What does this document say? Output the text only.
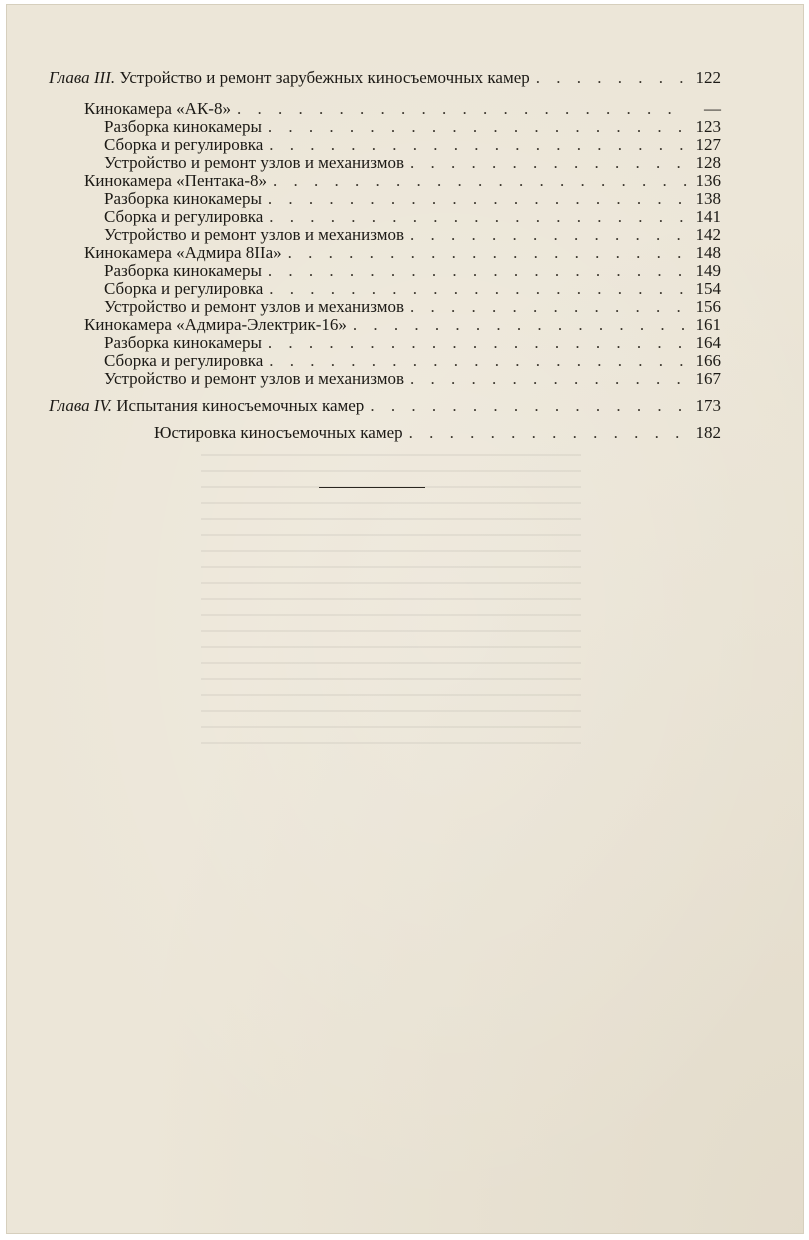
Глава III. Устройство и ремонт зарубежных киносъемочных камер . . .	122
Кинокамера «АК-8» . . .	—
Разборка кинокамеры . . .	123
Сборка и регулировка . . .	127
Устройство и ремонт узлов и механизмов . . .	128
Кинокамера «Пентака-8» . . .	136
Разборка кинокамеры . . .	138
Сборка и регулировка . . .	141
Устройство и ремонт узлов и механизмов . . .	142
Кинокамера «Адмира 8IIa» . . .	148
Разборка кинокамеры . . .	149
Сборка и регулировка . . .	154
Устройство и ремонт узлов и механизмов . . .	156
Кинокамера «Адмира-Электрик-16» . . .	161
Разборка кинокамеры . . .	164
Сборка и регулировка . . .	166
Устройство и ремонт узлов и механизмов . . .	167
Глава IV. Испытания киносъемочных камер . . .	173
Юстировка киносъемочных камер . . .	182
